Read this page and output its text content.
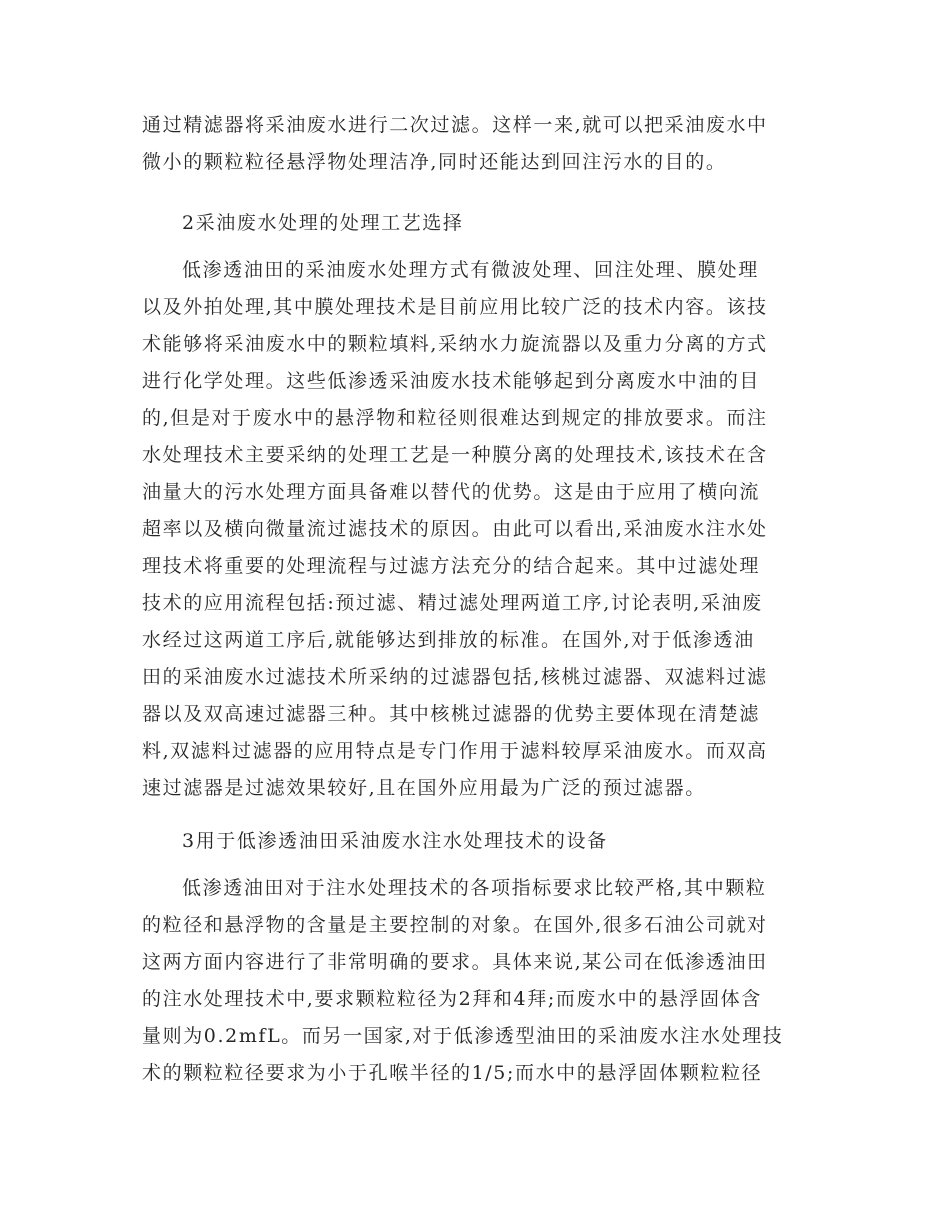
通过精滤器将采油废水进行二次过滤。这样一来,就可以把采油废水中
微小的颗粒粒径悬浮物处理洁净,同时还能达到回注污水的目的。
2采油废水处理的处理工艺选择
低渗透油田的采油废水处理方式有微波处理、回注处理、膜处理
以及外拍处理,其中膜处理技术是目前应用比较广泛的技术内容。该技
术能够将采油废水中的颗粒填料,采纳水力旋流器以及重力分离的方式
进行化学处理。这些低渗透采油废水技术能够起到分离废水中油的目
的,但是对于废水中的悬浮物和粒径则很难达到规定的排放要求。而注
水处理技术主要采纳的处理工艺是一种膜分离的处理技术,该技术在含
油量大的污水处理方面具备难以替代的优势。这是由于应用了横向流
超率以及横向微量流过滤技术的原因。由此可以看出,采油废水注水处
理技术将重要的处理流程与过滤方法充分的结合起来。其中过滤处理
技术的应用流程包括:预过滤、精过滤处理两道工序,讨论表明,采油废
水经过这两道工序后,就能够达到排放的标准。在国外,对于低渗透油
田的采油废水过滤技术所采纳的过滤器包括,核桃过滤器、双滤料过滤
器以及双高速过滤器三种。其中核桃过滤器的优势主要体现在清楚滤
料,双滤料过滤器的应用特点是专门作用于滤料较厚采油废水。而双高
速过滤器是过滤效果较好,且在国外应用最为广泛的预过滤器。
3用于低渗透油田采油废水注水处理技术的设备
低渗透油田对于注水处理技术的各项指标要求比较严格,其中颗粒
的粒径和悬浮物的含量是主要控制的对象。在国外,很多石油公司就对
这两方面内容进行了非常明确的要求。具体来说,某公司在低渗透油田
的注水处理技术中,要求颗粒粒径为2拜和4拜;而废水中的悬浮固体含
量则为0.2mfL。而另一国家,对于低渗透型油田的采油废水注水处理技
术的颗粒粒径要求为小于孔喉半径的1/5;而水中的悬浮固体颗粒粒径
